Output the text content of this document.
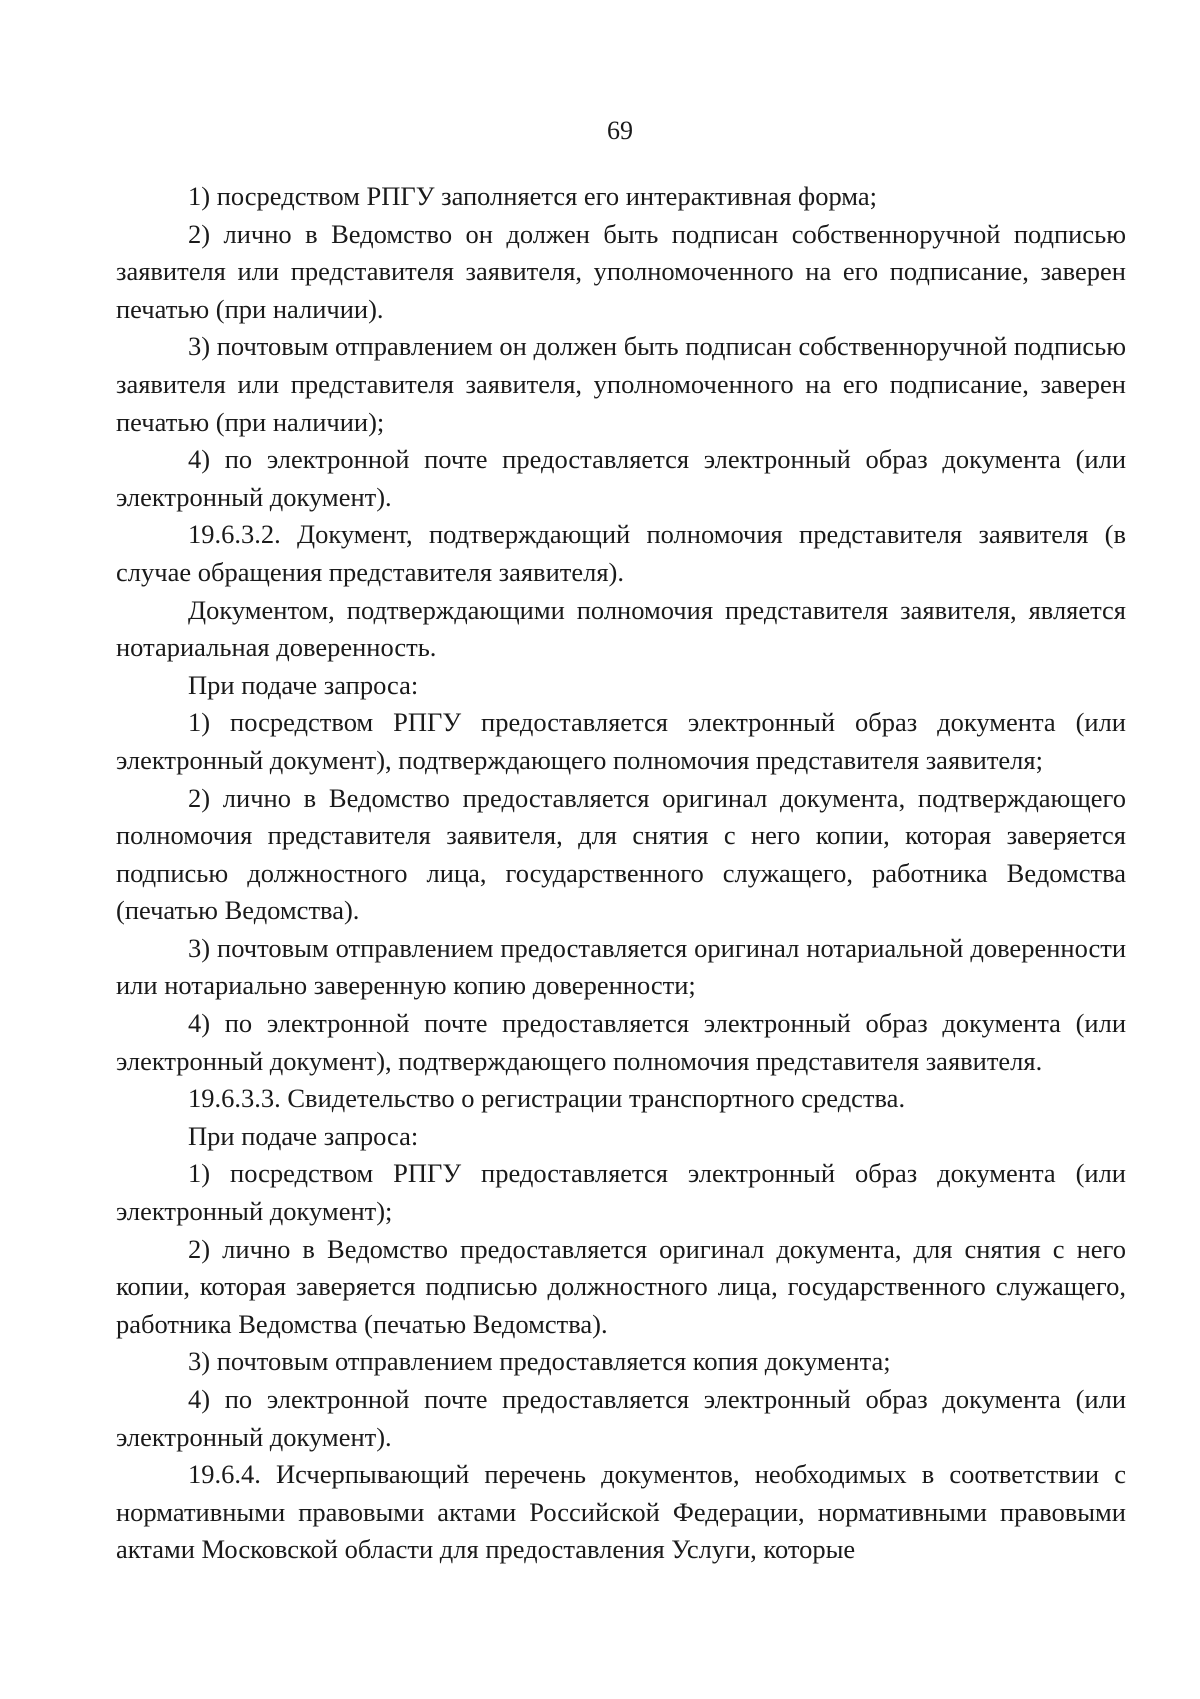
69

1) посредством РПГУ заполняется его интерактивная форма;

2) лично в Ведомство он должен быть подписан собственноручной подписью заявителя или представителя заявителя, уполномоченного на его подписание, заверен печатью (при наличии).

3) почтовым отправлением он должен быть подписан собственноручной подписью заявителя или представителя заявителя, уполномоченного на его подписание, заверен печатью (при наличии);

4) по электронной почте предоставляется электронный образ документа (или электронный документ).

19.6.3.2. Документ, подтверждающий полномочия представителя заявителя (в случае обращения представителя заявителя).

Документом, подтверждающими полномочия представителя заявителя, является нотариальная доверенность.

При подаче запроса:

1) посредством РПГУ предоставляется электронный образ документа (или электронный документ), подтверждающего полномочия представителя заявителя;

2) лично в Ведомство предоставляется оригинал документа, подтверждающего полномочия представителя заявителя, для снятия с него копии, которая заверяется подписью должностного лица, государственного служащего, работника Ведомства (печатью Ведомства).

3) почтовым отправлением предоставляется оригинал нотариальной доверенности или нотариально заверенную копию доверенности;

4) по электронной почте предоставляется электронный образ документа (или электронный документ), подтверждающего полномочия представителя заявителя.

19.6.3.3. Свидетельство о регистрации транспортного средства.

При подаче запроса:

1) посредством РПГУ предоставляется электронный образ документа (или электронный документ);

2) лично в Ведомство предоставляется оригинал документа, для снятия с него копии, которая заверяется подписью должностного лица, государственного служащего, работника Ведомства (печатью Ведомства).

3) почтовым отправлением предоставляется копия документа;

4) по электронной почте предоставляется электронный образ документа (или электронный документ).

19.6.4. Исчерпывающий перечень документов, необходимых в соответствии с нормативными правовыми актами Российской Федерации, нормативными правовыми актами Московской области для предоставления Услуги, которые
